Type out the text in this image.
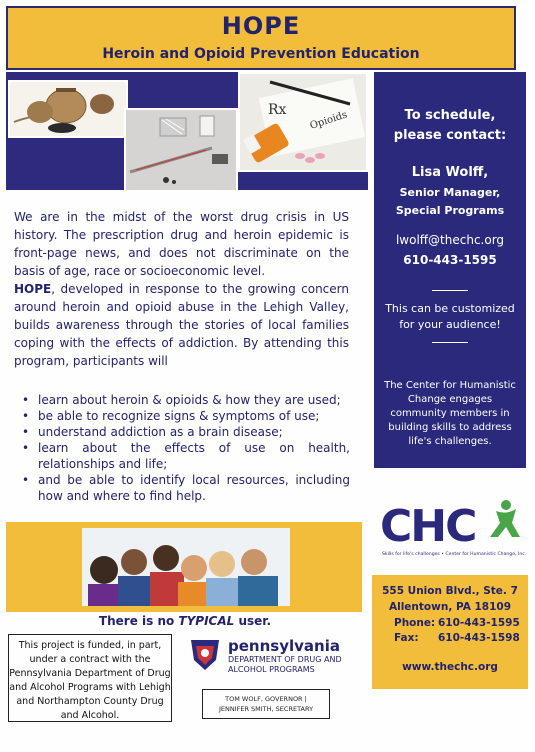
HOPE
Heroin and Opioid Prevention Education
Rx Opioids	To schedule,
please contact:
Lisa Wolff,
Senior Manager,
Special Programs
lwolff@thechc.org
610-443-1595
This can be customized
for your audience!
The Center for Humanistic Change engages community members in building skills to address life's challenges.

We are in the midst of the worst drug crisis in US history. The prescription drug and heroin epidemic is front-page news, and does not discriminate on the basis of age, race or socioeconomic level.
HOPE, developed in response to the growing concern around heroin and opioid abuse in the Lehigh Valley, builds awareness through the stories of local families coping with the effects of addiction. By attending this program, participants will

• learn about heroin & opioids & how they are used;
• be able to recognize signs & symptoms of use;
• understand addiction as a brain disease;
• learn about the effects of use on health, relationships and life;
• and be able to identify local resources, including how and where to find help.
CHC
Skills for life's challenges • Center for Humanistic Change, Inc.
There is no TYPICAL user.
555 Union Blvd., Ste. 7
Allentown, PA 18109
Phone: 610-443-1595
Fax: 610-443-1598
www.thechc.org
This project is funded, in part, under a contract with the Pennsylvania Department of Drug and Alcohol Programs with Lehigh and Northampton County Drug and Alcohol.
pennsylvania
DEPARTMENT OF DRUG AND
ALCOHOL PROGRAMS
TOM WOLF, GOVERNOR |
JENNIFER SMITH, SECRETARY
